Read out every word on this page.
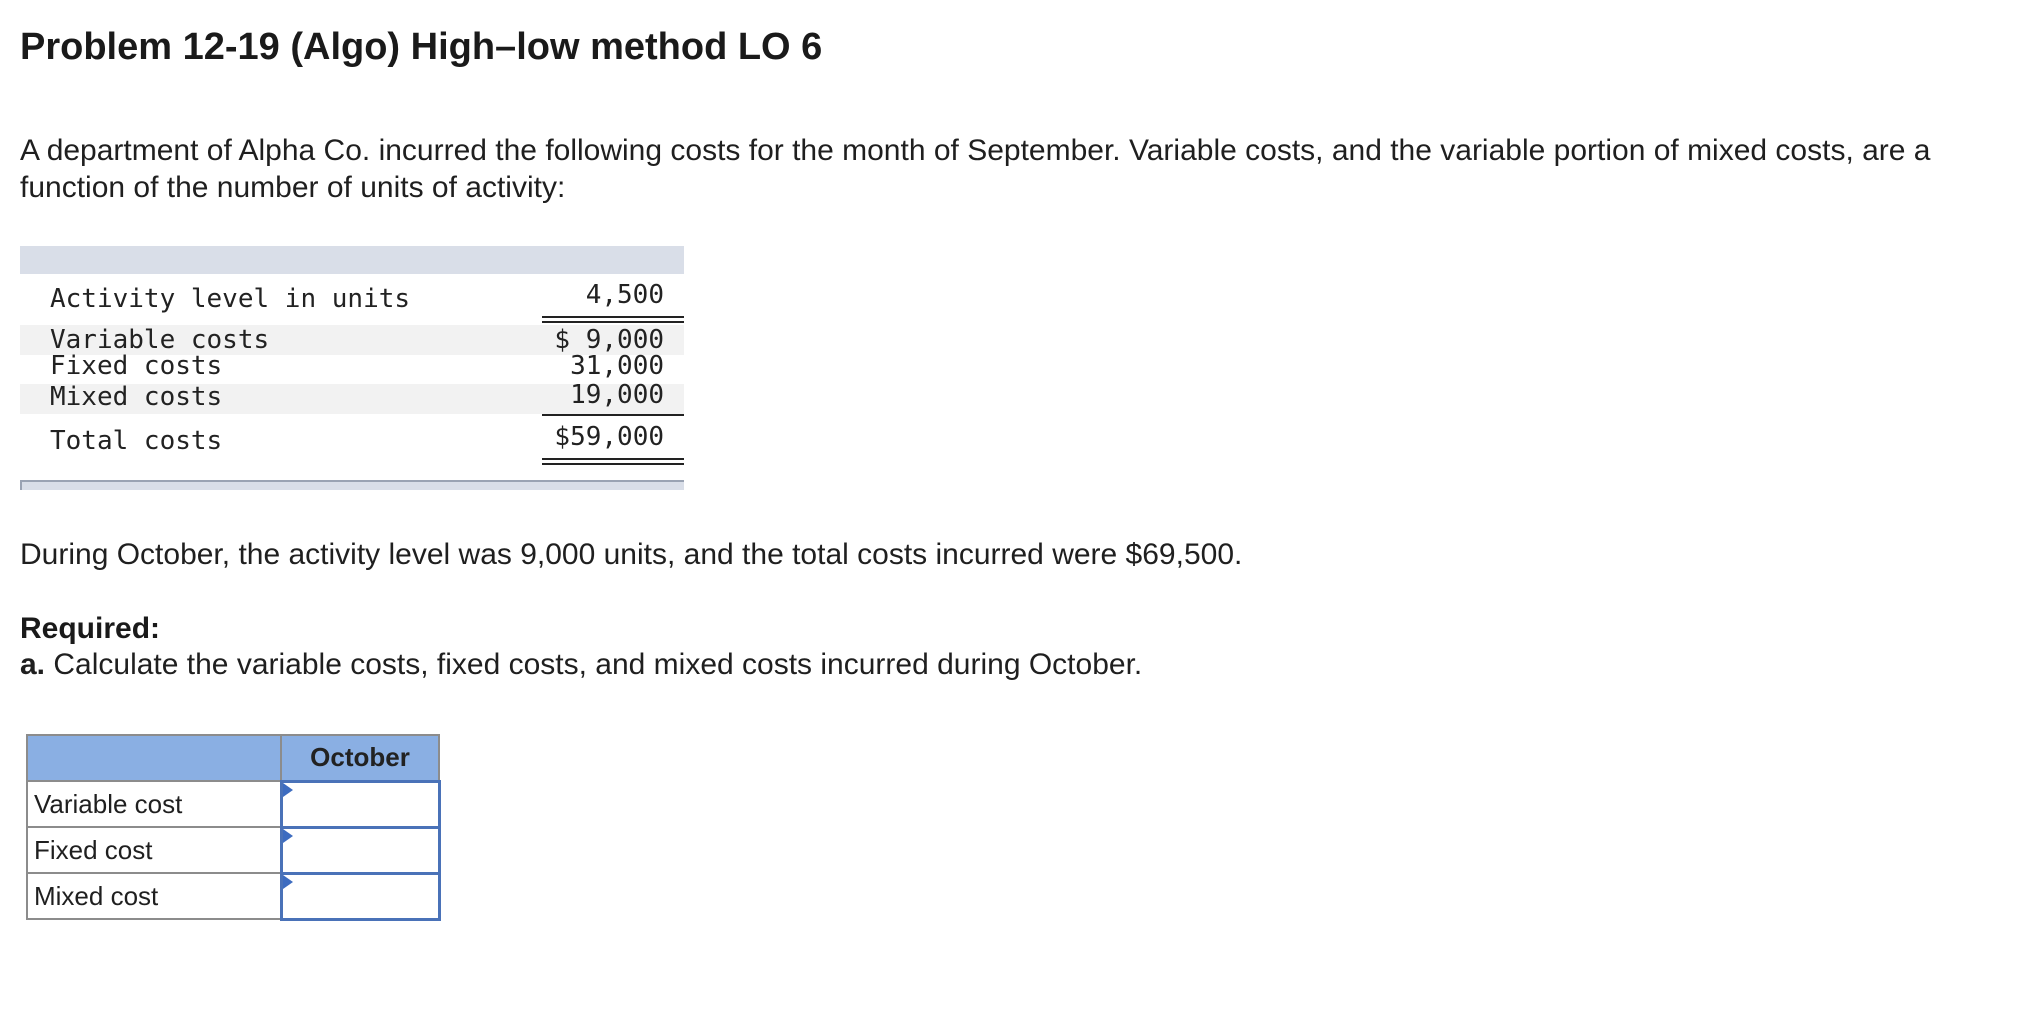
Problem 12-19 (Algo) High–low method LO 6
A department of Alpha Co. incurred the following costs for the month of September. Variable costs, and the variable portion of mixed costs, are a function of the number of units of activity:
Activity level in units	4,500
Variable costs	$ 9,000
Fixed costs	31,000
Mixed costs	19,000
Total costs	$59,000
During October, the activity level was 9,000 units, and the total costs incurred were $69,500.
Required:
a. Calculate the variable costs, fixed costs, and mixed costs incurred during October.
	October
Variable cost	

Fixed cost	

Mixed cost	
